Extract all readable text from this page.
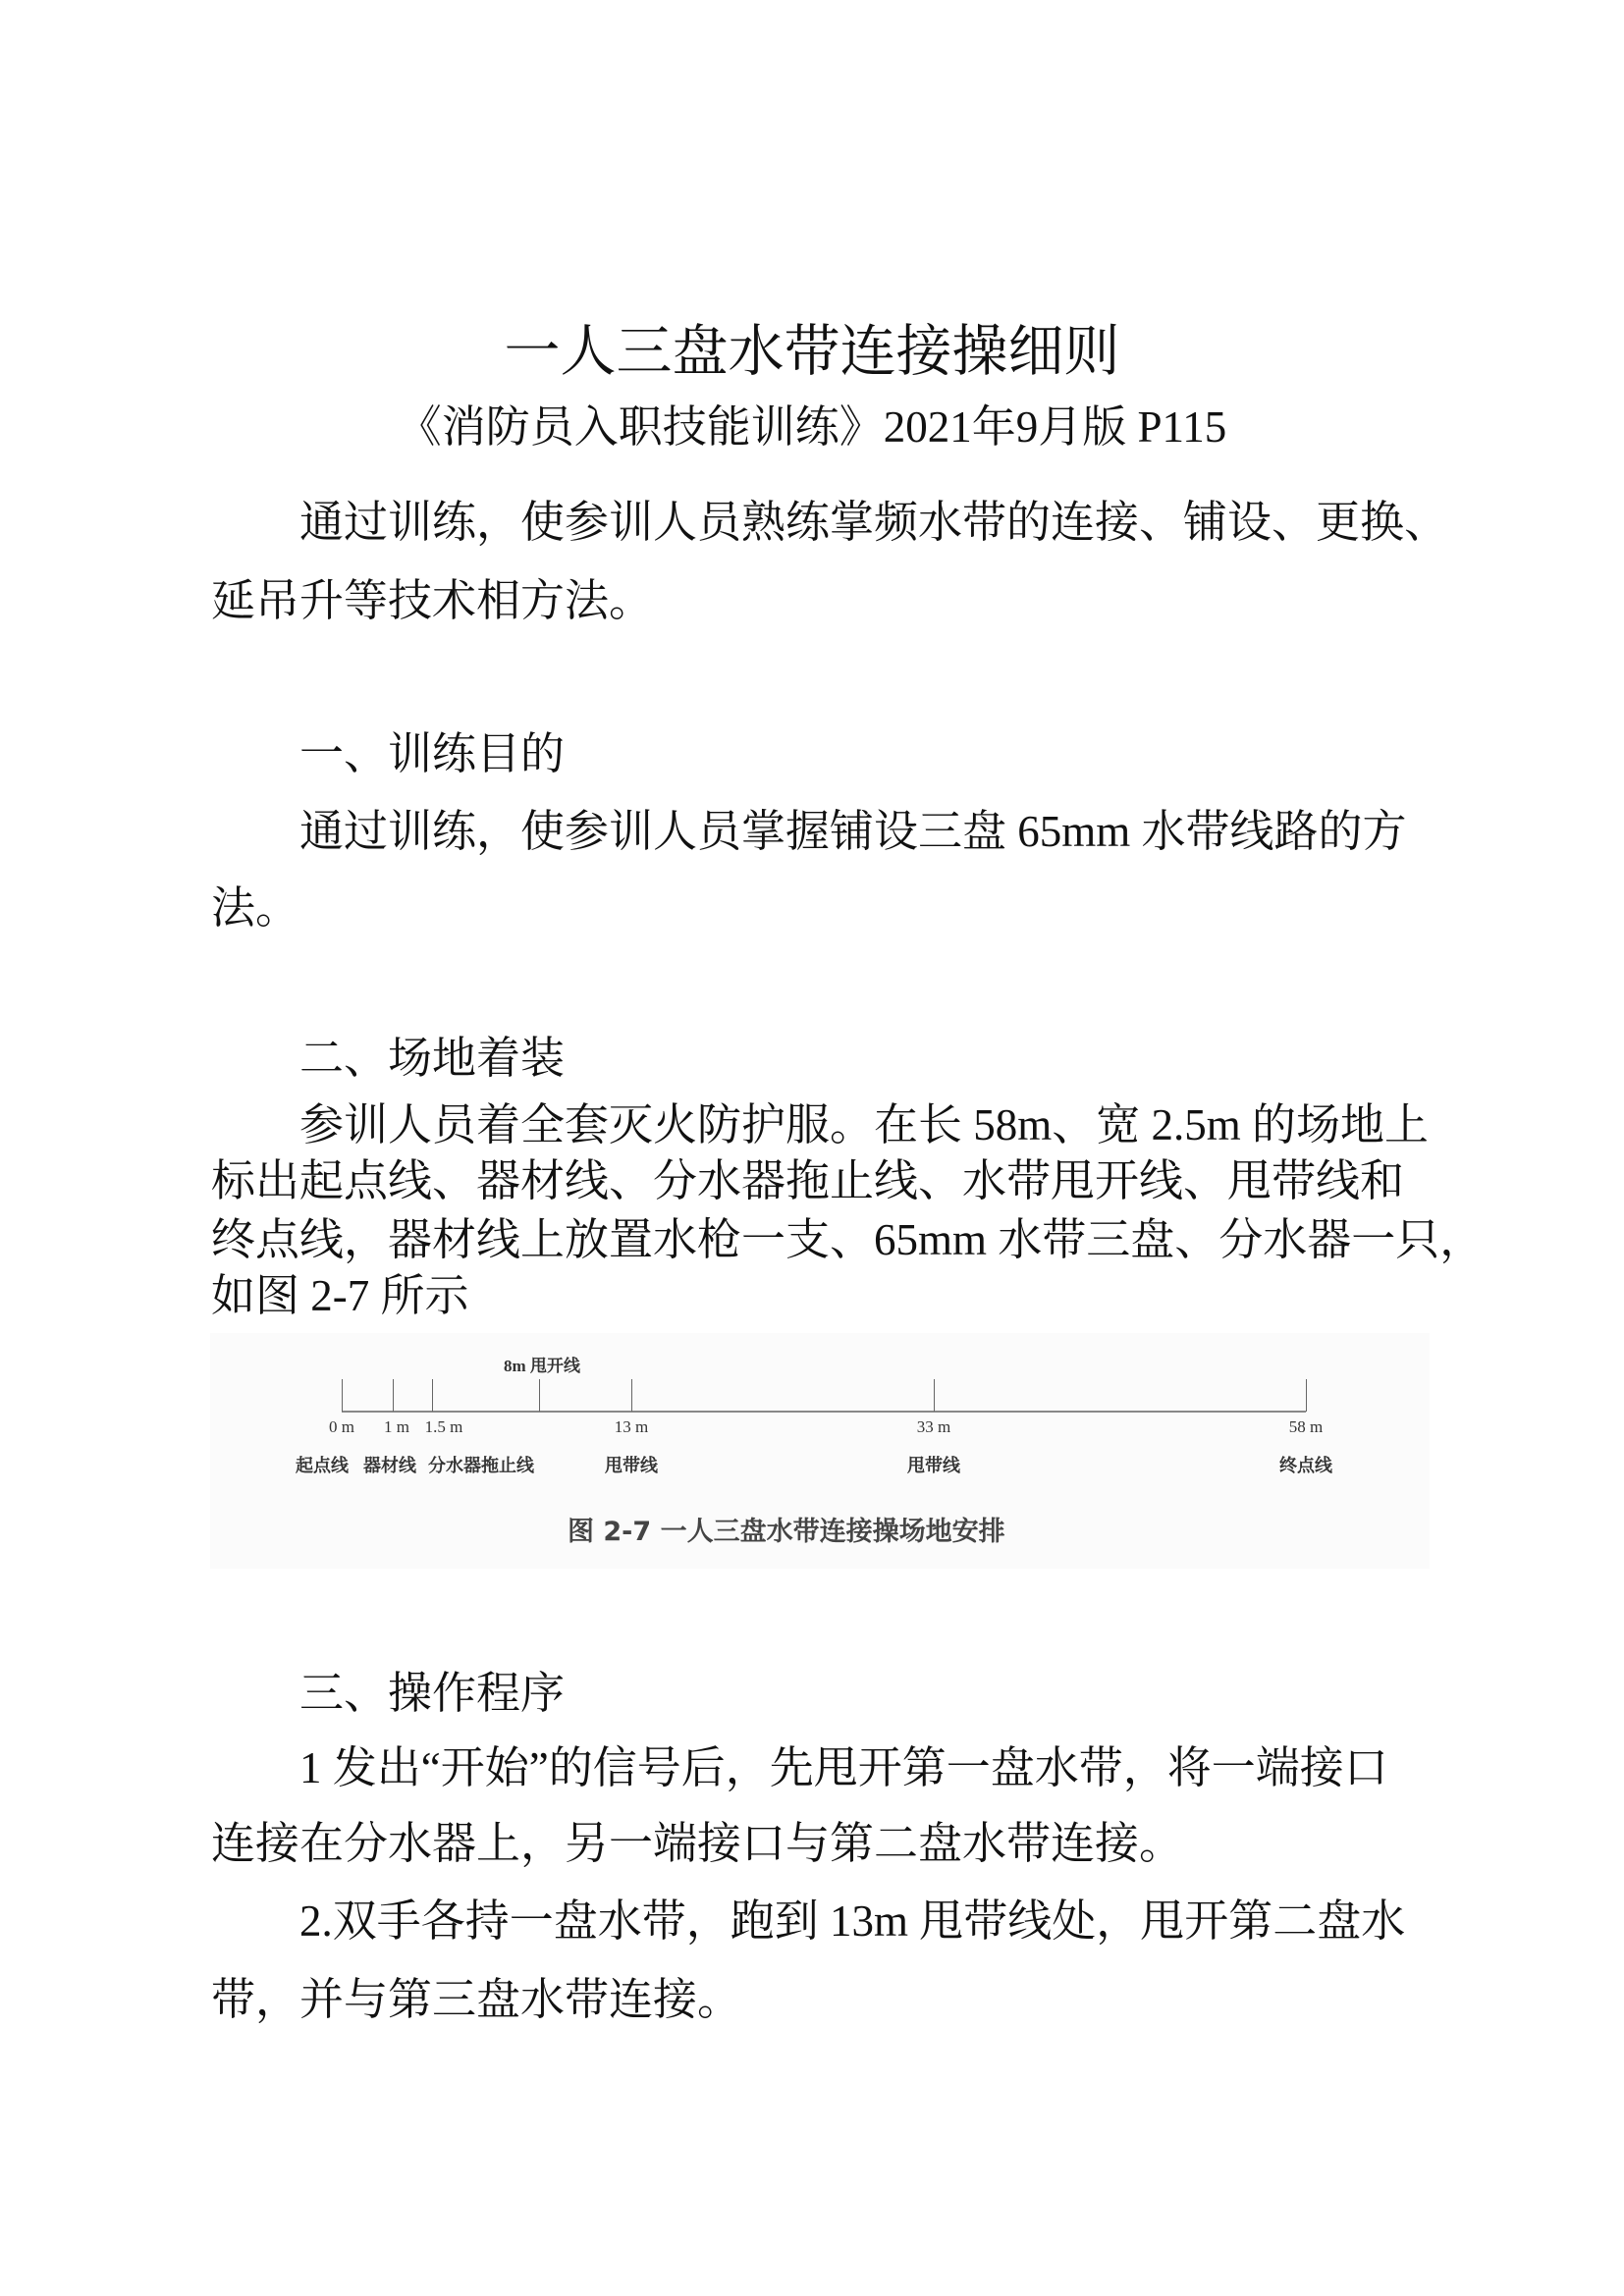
一人三盘水带连接操细则
《消防员入职技能训练》2021年9月版 P115
通过训练，使参训人员熟练掌频水带的连接、铺设、更换、
延吊升等技术相方法。
一、训练目的
通过训练，使参训人员掌握铺设三盘 65mm 水带线路的方
法。
二、场地着装
参训人员着全套灭火防护服。在长 58m、宽 2.5m 的场地上
标出起点线、器材线、分水器拖止线、水带甩开线、甩带线和
终点线，器材线上放置水枪一支、65mm 水带三盘、分水器一只，
如图 2-7 所示

8m 甩开线
0 m
起点线
1 m
器材线
1.5 m
分水器拖止线
13 m
甩带线
33 m
甩带线
58 m
终点线
图 2-7 一人三盘水带连接操场地安排
三、操作程序
1 发出“开始”的信号后，先甩开第一盘水带，将一端接口
连接在分水器上，另一端接口与第二盘水带连接。
2.双手各持一盘水带，跑到 13m 甩带线处，甩开第二盘水
带，并与第三盘水带连接。
